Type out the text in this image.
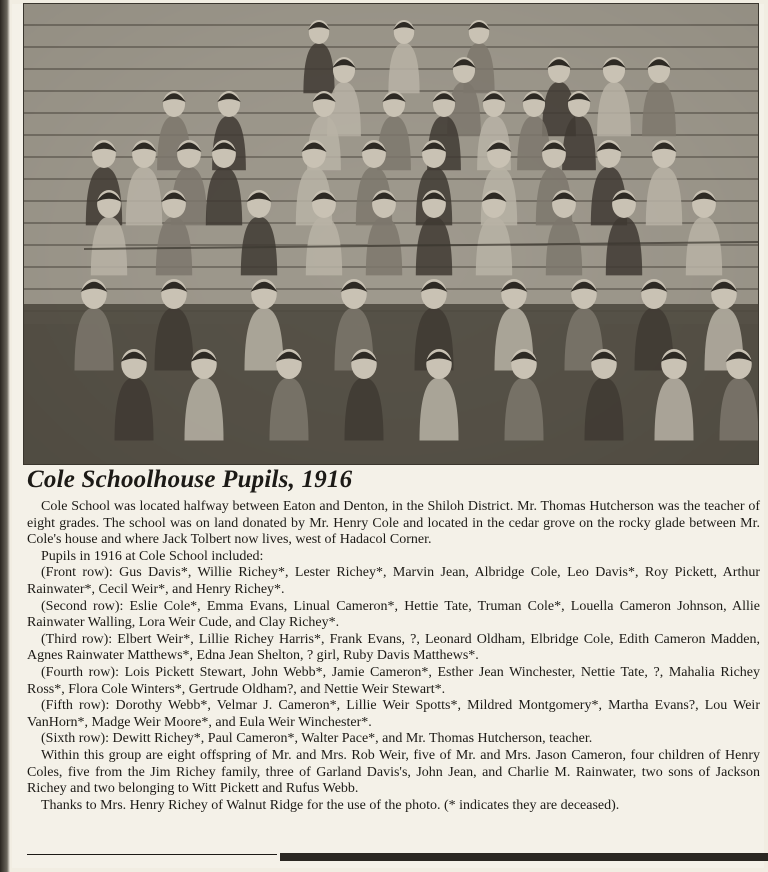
Cole Schoolhouse Pupils, 1916

Cole School was located halfway between Eaton and Denton, in the Shiloh District. Mr. Thomas Hutcherson was the teacher of eight grades. The school was on land donated by Mr. Henry Cole and located in the cedar grove on the rocky glade between Mr. Cole's house and where Jack Tolbert now lives, west of Hadacol Corner.

Pupils in 1916 at Cole School included:

(Front row): Gus Davis*, Willie Richey*, Lester Richey*, Marvin Jean, Albridge Cole, Leo Davis*, Roy Pickett, Arthur Rainwater*, Cecil Weir*, and Henry Richey*.

(Second row): Eslie Cole*, Emma Evans, Linual Cameron*, Hettie Tate, Truman Cole*, Louella Cameron Johnson, Allie Rainwater Walling, Lora Weir Cude, and Clay Richey*.

(Third row): Elbert Weir*, Lillie Richey Harris*, Frank Evans, ?, Leonard Oldham, Elbridge Cole, Edith Cameron Madden, Agnes Rainwater Matthews*, Edna Jean Shelton, ? girl, Ruby Davis Matthews*.

(Fourth row): Lois Pickett Stewart, John Webb*, Jamie Cameron*, Esther Jean Winchester, Nettie Tate, ?, Mahalia Richey Ross*, Flora Cole Winters*, Gertrude Oldham?, and Nettie Weir Stewart*.

(Fifth row): Dorothy Webb*, Velmar J. Cameron*, Lillie Weir Spotts*, Mildred Montgomery*, Martha Evans?, Lou Weir VanHorn*, Madge Weir Moore*, and Eula Weir Winchester*.

(Sixth row): Dewitt Richey*, Paul Cameron*, Walter Pace*, and Mr. Thomas Hutcherson, teacher.

Within this group are eight offspring of Mr. and Mrs. Rob Weir, five of Mr. and Mrs. Jason Cameron, four children of Henry Coles, five from the Jim Richey family, three of Garland Davis's, John Jean, and Charlie M. Rainwater, two sons of Jackson Richey and two belonging to Witt Pickett and Rufus Webb.

Thanks to Mrs. Henry Richey of Walnut Ridge for the use of the photo. (* indicates they are deceased).
